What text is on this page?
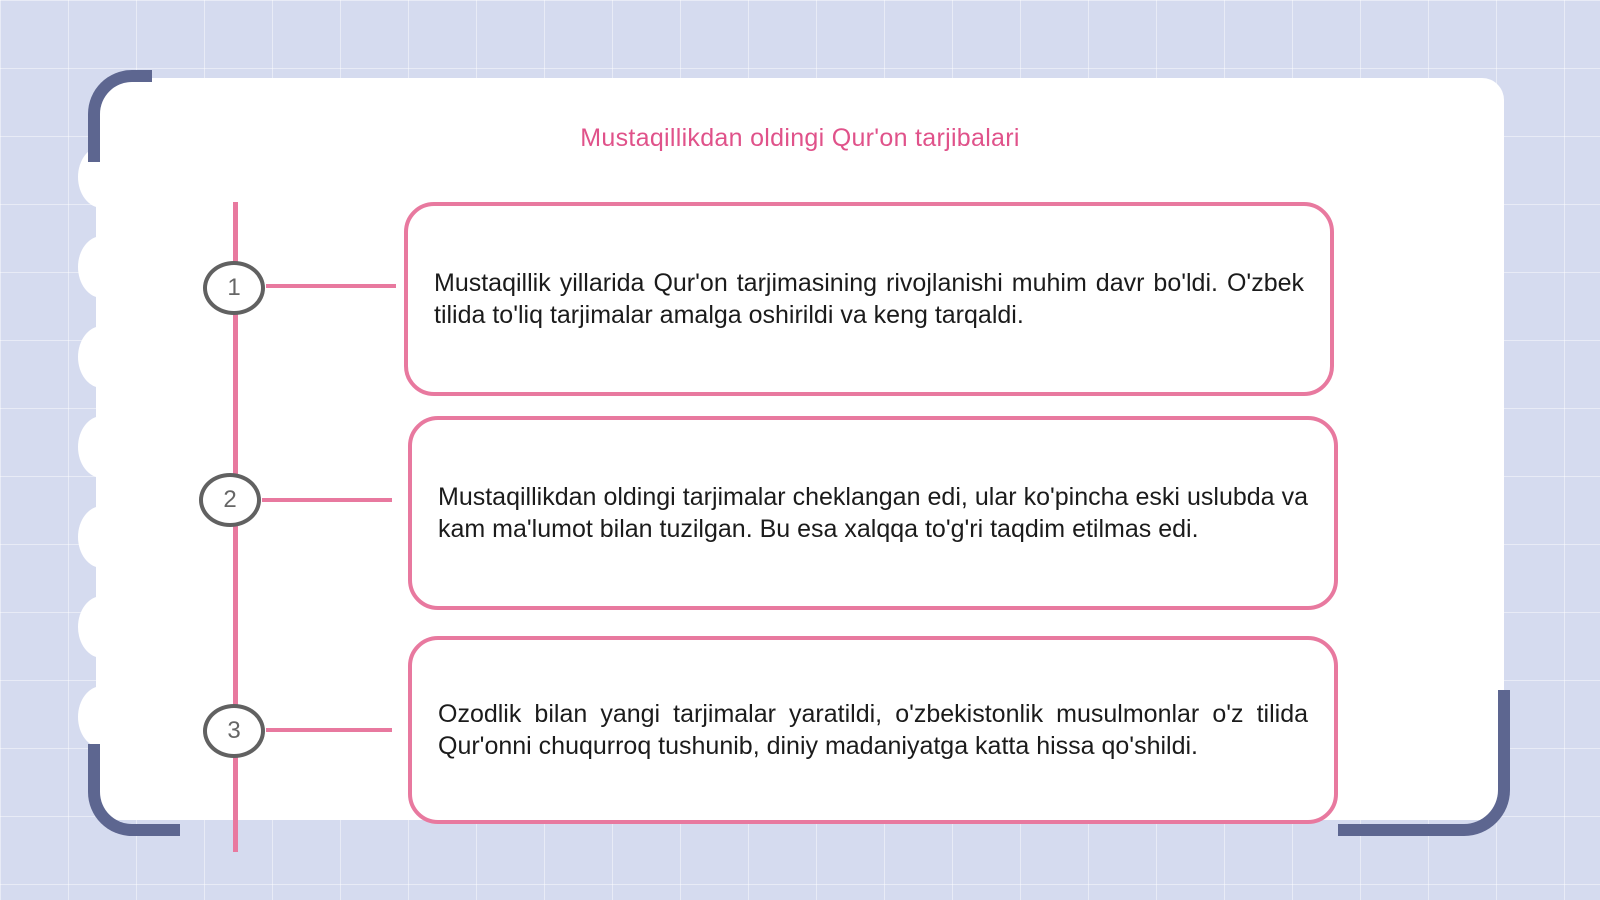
Mustaqillikdan oldingi Qur'on tarjibalari
1	Mustaqillik yillarida Qur'on tarjimasining rivojlanishi muhim davr bo'ldi. O'zbek tilida to'liq tarjimalar amalga oshirildi va keng tarqaldi.

2	Mustaqillikdan oldingi tarjimalar cheklangan edi, ular ko'pincha eski uslubda va kam ma'lumot bilan tuzilgan. Bu esa xalqqa to'g'ri taqdim etilmas edi.

3

Ozodlik bilan yangi tarjimalar yaratildi, o'zbekistonlik musulmonlar o'z tilida Qur'onni chuqurroq tushunib, diniy madaniyatga katta hissa qo'shildi.
